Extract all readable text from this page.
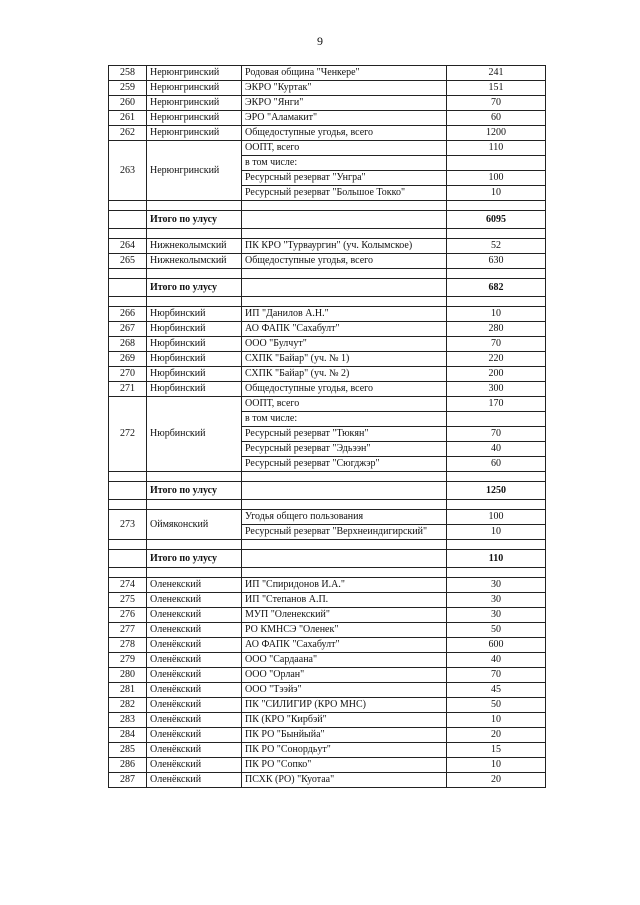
9
258	Нерюнгринский	Родовая община "Ченкере"	241
259	Нерюнгринский	ЭКРО "Куртак"	151
260	Нерюнгринский	ЭКРО "Янги"	70
261	Нерюнгринский	ЭРО "Аламакит"	60
262	Нерюнгринский	Общедоступные угодья, всего	1200
263	Нерюнгринский	ООПТ, всего	110
		в том числе:	
		Ресурсный резерват "Унгра"	100
		Ресурсный резерват "Большое Токко"	10

	Итого по улусу		6095

264	Нижнеколымский	ПК КРО "Турваургин" (уч. Колымское)	52
265	Нижнеколымский	Общедоступные угодья, всего	630

	Итого по улусу		682

266	Нюрбинский	ИП "Данилов А.Н."	10
267	Нюрбинский	АО ФАПК "Сахабулт"	280
268	Нюрбинский	ООО "Булчут"	70
269	Нюрбинский	СХПК "Байар" (уч. № 1)	220
270	Нюрбинский	СХПК "Байар" (уч. № 2)	200
271	Нюрбинский	Общедоступные угодья, всего	300
272	Нюрбинский	ООПТ, всего	170
		в том числе:	
		Ресурсный резерват "Тюкян"	70
		Ресурсный резерват "Эдьээн"	40
		Ресурсный резерват "Сюгджэр"	60

	Итого по улусу		1250

273	Оймяконский	Угодья общего пользования	100
		Ресурсный резерват "Верхнеиндигирский"	10

	Итого по улусу		110

274	Оленекский	ИП "Спиридонов И.А."	30
275	Оленекский	ИП "Степанов А.П.	30
276	Оленекский	МУП "Оленекский"	30
277	Оленекский	РО КМНСЭ "Оленек"	50
278	Оленёкский	АО ФАПК "Сахабулт"	600
279	Оленёкский	ООО "Сардаана"	40
280	Оленёкский	ООО "Орлан"	70
281	Оленёкский	ООО "Тээйэ"	45
282	Оленёкский	ПК "СИЛИГИР (КРО МНС)	50
283	Оленёкский	ПК (КРО "Кирбэй"	10
284	Оленёкский	ПК РО "Бынйыйа"	20
285	Оленёкский	ПК РО "Сонордьут"	15
286	Оленёкский	ПК РО "Сопко"	10
287	Оленёкский	ПСХК (РО) "Куотаа"	20
